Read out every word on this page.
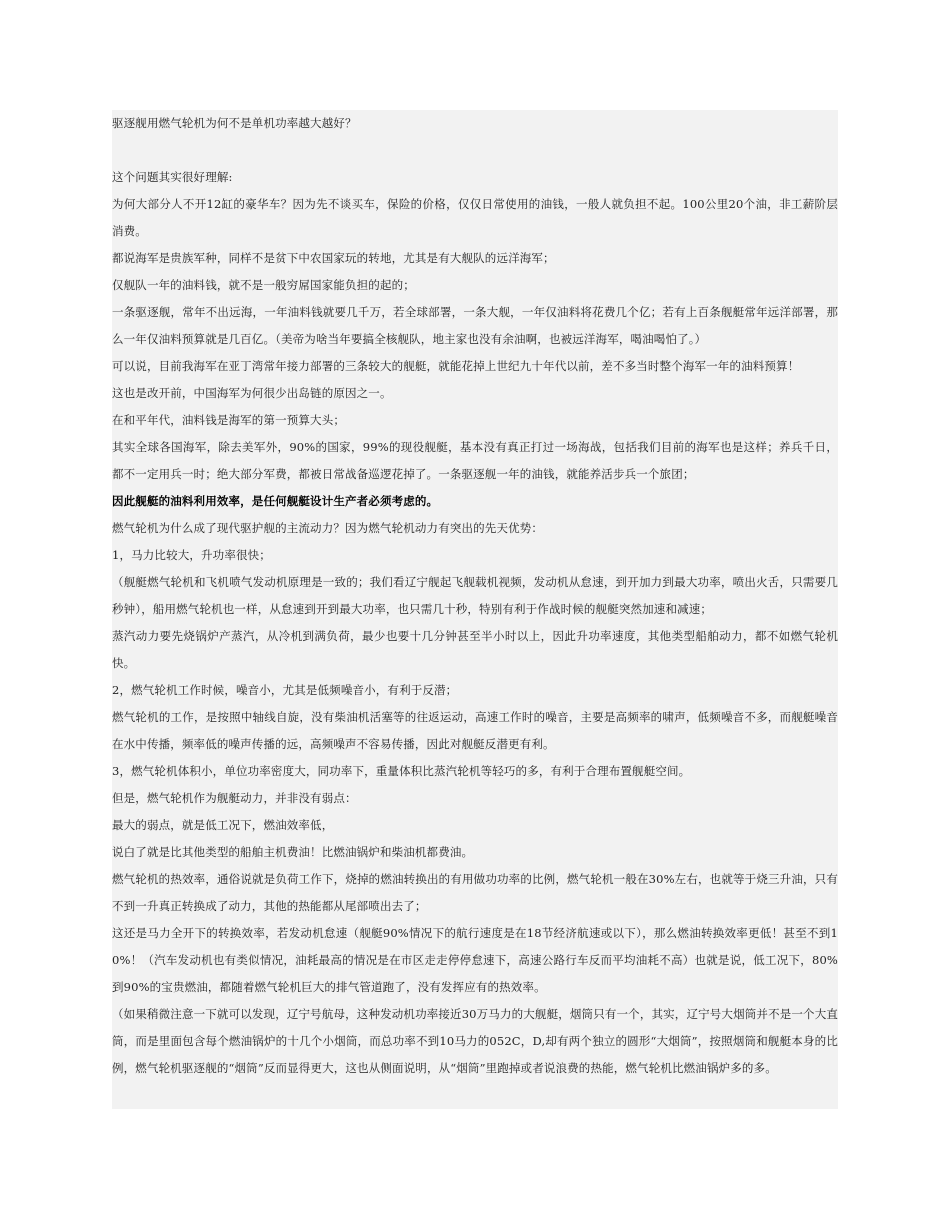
驱逐舰用燃气轮机为何不是单机功率越大越好？

这个问题其实很好理解:

为何大部分人不开12缸的豪华车？因为先不谈买车，保险的价格，仅仅日常使用的油钱，一般人就负担不起。100公里20个油，非工薪阶层消费。

都说海军是贵族军种，同样不是贫下中农国家玩的转地，尤其是有大舰队的远洋海军；

仅舰队一年的油料钱，就不是一般穷屌国家能负担的起的；

一条驱逐舰，常年不出远海，一年油料钱就要几千万，若全球部署，一条大舰，一年仅油料将花费几个亿；若有上百条舰艇常年远洋部署，那么一年仅油料预算就是几百亿。（美帝为啥当年要搞全核舰队，地主家也没有余油啊，也被远洋海军，喝油喝怕了。）

可以说，目前我海军在亚丁湾常年接力部署的三条较大的舰艇，就能花掉上世纪九十年代以前，差不多当时整个海军一年的油料预算！

这也是改开前，中国海军为何很少出岛链的原因之一。

在和平年代，油料钱是海军的第一预算大头；

其实全球各国海军，除去美军外，90%的国家，99%的现役舰艇，基本没有真正打过一场海战，包括我们目前的海军也是这样；养兵千日，都不一定用兵一时；绝大部分军费，都被日常战备巡逻花掉了。一条驱逐舰一年的油钱，就能养活步兵一个旅团；

因此舰艇的油料利用效率，是任何舰艇设计生产者必须考虑的。

燃气轮机为什么成了现代驱护舰的主流动力？因为燃气轮机动力有突出的先天优势：

1，马力比较大，升功率很快；

（舰艇燃气轮机和飞机喷气发动机原理是一致的；我们看辽宁舰起飞舰载机视频，发动机从怠速，到开加力到最大功率，喷出火舌，只需要几秒钟），船用燃气轮机也一样，从怠速到开到最大功率，也只需几十秒，特别有利于作战时候的舰艇突然加速和减速；

蒸汽动力要先烧锅炉产蒸汽，从冷机到满负荷，最少也要十几分钟甚至半小时以上，因此升功率速度，其他类型船舶动力，都不如燃气轮机快。

2，燃气轮机工作时候，噪音小，尤其是低频噪音小，有利于反潜；

燃气轮机的工作，是按照中轴线自旋，没有柴油机活塞等的往返运动，高速工作时的噪音，主要是高频率的啸声，低频噪音不多，而舰艇噪音在水中传播，频率低的噪声传播的远，高频噪声不容易传播，因此对舰艇反潜更有利。

3，燃气轮机体积小，单位功率密度大，同功率下，重量体积比蒸汽轮机等轻巧的多，有利于合理布置舰艇空间。

但是，燃气轮机作为舰艇动力，并非没有弱点：

最大的弱点，就是低工况下，燃油效率低，

说白了就是比其他类型的船舶主机费油！比燃油锅炉和柴油机都费油。

燃气轮机的热效率，通俗说就是负荷工作下，烧掉的燃油转换出的有用做功功率的比例，燃气轮机一般在30%左右，也就等于烧三升油，只有不到一升真正转换成了动力，其他的热能都从尾部喷出去了；

这还是马力全开下的转换效率，若发动机怠速（舰艇90%情况下的航行速度是在18节经济航速或以下），那么燃油转换效率更低！甚至不到10%！（汽车发动机也有类似情况，油耗最高的情况是在市区走走停停怠速下，高速公路行车反而平均油耗不高）也就是说，低工况下，80%到90%的宝贵燃油，都随着燃气轮机巨大的排气管道跑了，没有发挥应有的热效率。

（如果稍微注意一下就可以发现，辽宁号航母，这种发动机功率接近30万马力的大舰艇，烟筒只有一个，其实，辽宁号大烟筒并不是一个大直筒，而是里面包含每个燃油锅炉的十几个小烟筒，而总功率不到10马力的052C，D,却有两个独立的圆形“大烟筒”，按照烟筒和舰艇本身的比例，燃气轮机驱逐舰的“烟筒”反而显得更大，这也从侧面说明，从“烟筒”里跑掉或者说浪费的热能，燃气轮机比燃油锅炉多的多。
